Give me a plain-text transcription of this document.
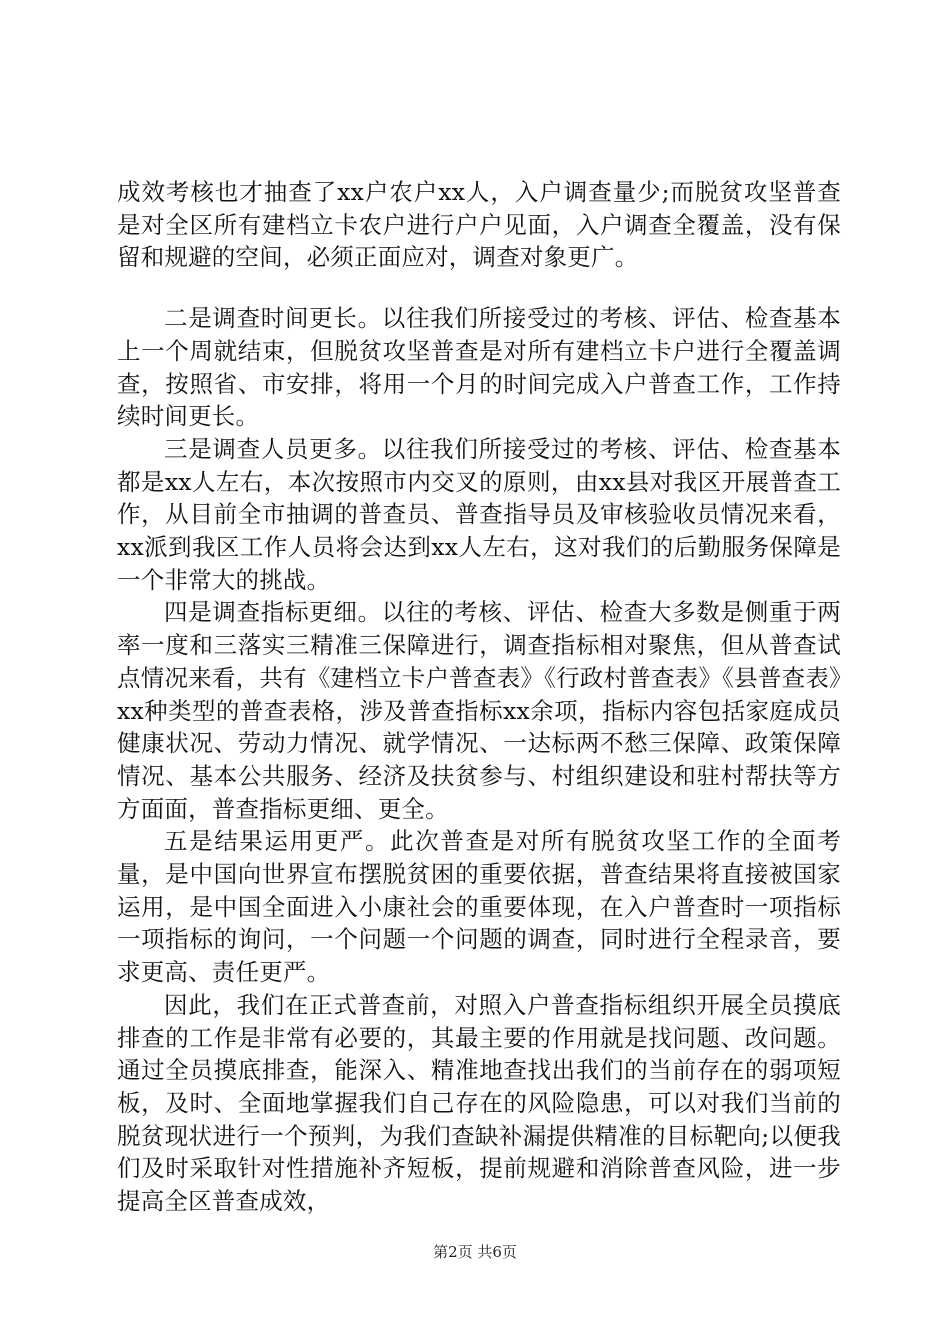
成效考核也才抽查了xx户农户xx人，入户调查量少;而脱贫攻坚普查是对全区所有建档立卡农户进行户户见面，入户调查全覆盖，没有保留和规避的空间，必须正面应对，调查对象更广。

二是调查时间更长。以往我们所接受过的考核、评估、检查基本上一个周就结束，但脱贫攻坚普查是对所有建档立卡户进行全覆盖调查，按照省、市安排，将用一个月的时间完成入户普查工作，工作持续时间更长。

三是调查人员更多。以往我们所接受过的考核、评估、检查基本都是xx人左右，本次按照市内交叉的原则，由xx县对我区开展普查工作，从目前全市抽调的普查员、普查指导员及审核验收员情况来看，xx派到我区工作人员将会达到xx人左右，这对我们的后勤服务保障是一个非常大的挑战。

四是调查指标更细。以往的考核、评估、检查大多数是侧重于两率一度和三落实三精准三保障进行，调查指标相对聚焦，但从普查试点情况来看，共有《建档立卡户普查表》《行政村普查表》《县普查表》xx种类型的普查表格，涉及普查指标xx余项，指标内容包括家庭成员健康状况、劳动力情况、就学情况、一达标两不愁三保障、政策保障情况、基本公共服务、经济及扶贫参与、村组织建设和驻村帮扶等方方面面，普查指标更细、更全。

五是结果运用更严。此次普查是对所有脱贫攻坚工作的全面考量，是中国向世界宣布摆脱贫困的重要依据，普查结果将直接被国家运用，是中国全面进入小康社会的重要体现，在入户普查时一项指标一项指标的询问，一个问题一个问题的调查，同时进行全程录音，要求更高、责任更严。

因此，我们在正式普查前，对照入户普查指标组织开展全员摸底排查的工作是非常有必要的，其最主要的作用就是找问题、改问题。通过全员摸底排查，能深入、精准地查找出我们的当前存在的弱项短板，及时、全面地掌握我们自己存在的风险隐患，可以对我们当前的脱贫现状进行一个预判，为我们查缺补漏提供精准的目标靶向;以便我们及时采取针对性措施补齐短板，提前规避和消除普查风险，进一步提高全区普查成效，

第2页 共6页
